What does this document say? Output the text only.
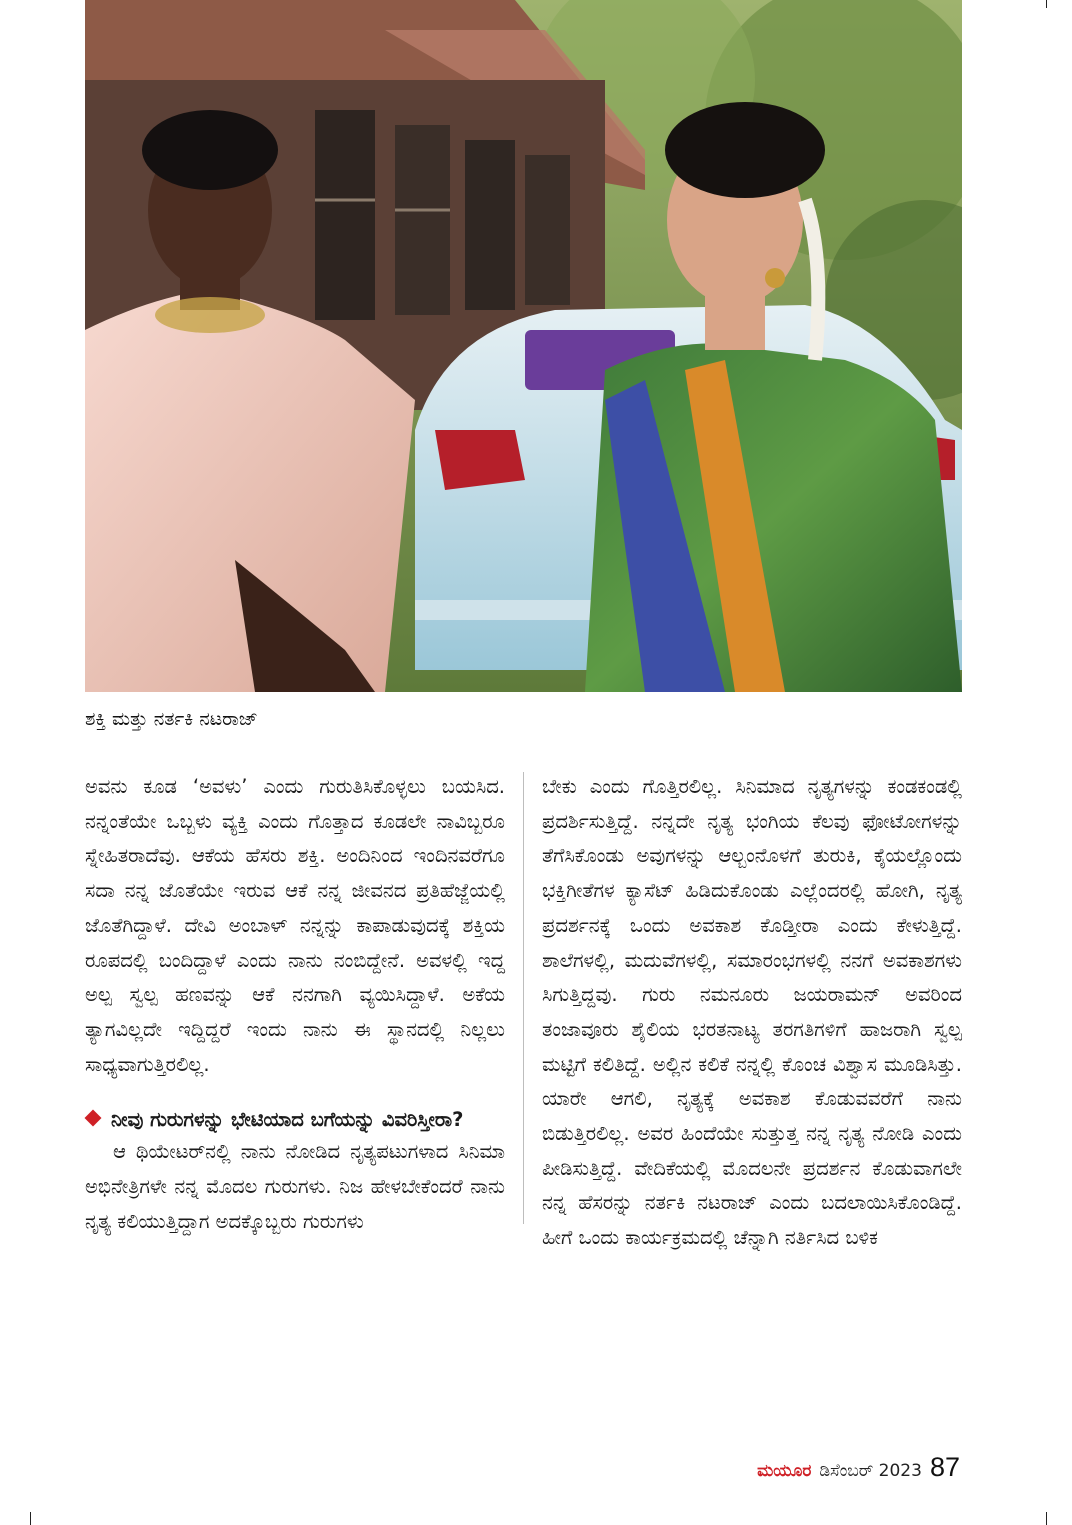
ಶಕ್ತಿ ಮತ್ತು ನರ್ತಕಿ ನಟರಾಜ್

ಅವನು ಕೂಡ ‘ಅವಳು’ ಎಂದು ಗುರುತಿಸಿಕೊಳ್ಳಲು ಬಯಸಿದ. ನನ್ನಂತೆಯೇ ಒಬ್ಬಳು ವ್ಯಕ್ತಿ ಎಂದು ಗೊತ್ತಾದ ಕೂಡಲೇ ನಾವಿಬ್ಬರೂ ಸ್ನೇಹಿತರಾದೆವು. ಆಕೆಯ ಹೆಸರು ಶಕ್ತಿ. ಅಂದಿನಿಂದ ಇಂದಿನವರೆಗೂ ಸದಾ ನನ್ನ ಜೊತೆಯೇ ಇರುವ ಆಕೆ ನನ್ನ ಜೀವನದ ಪ್ರತಿಹೆಜ್ಜೆಯಲ್ಲಿ ಜೊತೆಗಿದ್ದಾಳೆ. ದೇವಿ ಅಂಬಾಳ್ ನನ್ನನ್ನು ಕಾಪಾಡುವುದಕ್ಕೆ ಶಕ್ತಿಯ ರೂಪದಲ್ಲಿ ಬಂದಿದ್ದಾಳೆ ಎಂದು ನಾನು ನಂಬಿದ್ದೇನೆ. ಅವಳಲ್ಲಿ ಇದ್ದ ಅಲ್ಪ ಸ್ವಲ್ಪ ಹಣವನ್ನು ಆಕೆ ನನಗಾಗಿ ವ್ಯಯಿಸಿದ್ದಾಳೆ. ಅಕೆಯ ತ್ಯಾಗವಿಲ್ಲದೇ ಇದ್ದಿದ್ದರೆ ಇಂದು ನಾನು ಈ ಸ್ಥಾನದಲ್ಲಿ ನಿಲ್ಲಲು ಸಾಧ್ಯವಾಗುತ್ತಿರಲಿಲ್ಲ.

ನೀವು ಗುರುಗಳನ್ನು ಭೇಟಿಯಾದ ಬಗೆಯನ್ನು ವಿವರಿಸ್ತೀರಾ?

ಆ ಥಿಯೇಟರ್‌ನಲ್ಲಿ ನಾನು ನೋಡಿದ ನೃತ್ಯಪಟುಗಳಾದ ಸಿನಿಮಾ ಅಭಿನೇತ್ರಿಗಳೇ ನನ್ನ ಮೊದಲ ಗುರುಗಳು. ನಿಜ ಹೇಳಬೇಕೆಂದರೆ ನಾನು ನೃತ್ಯ ಕಲಿಯುತ್ತಿದ್ದಾಗ ಅದಕ್ಕೊಬ್ಬರು ಗುರುಗಳು

ಬೇಕು ಎಂದು ಗೊತ್ತಿರಲಿಲ್ಲ. ಸಿನಿಮಾದ ನೃತ್ಯಗಳನ್ನು ಕಂಡಕಂಡಲ್ಲಿ ಪ್ರದರ್ಶಿಸುತ್ತಿದ್ದೆ. ನನ್ನದೇ ನೃತ್ಯ ಭಂಗಿಯ ಕೆಲವು ಫೋಟೋಗಳನ್ನು ತೆಗೆಸಿಕೊಂಡು ಅವುಗಳನ್ನು ಆಲ್ಬಂನೊಳಗೆ ತುರುಕಿ, ಕೈಯಲ್ಲೊಂದು ಭಕ್ತಿಗೀತೆಗಳ ಕ್ಯಾಸೆಟ್ ಹಿಡಿದುಕೊಂಡು ಎಲ್ಲೆಂದರಲ್ಲಿ ಹೋಗಿ, ನೃತ್ಯ ಪ್ರದರ್ಶನಕ್ಕೆ ಒಂದು ಅವಕಾಶ ಕೊಡ್ತೀರಾ ಎಂದು ಕೇಳುತ್ತಿದ್ದೆ. ಶಾಲೆಗಳಲ್ಲಿ, ಮದುವೆಗಳಲ್ಲಿ, ಸಮಾರಂಭಗಳಲ್ಲಿ ನನಗೆ ಅವಕಾಶಗಳು ಸಿಗುತ್ತಿದ್ದವು. ಗುರು ನಮನೂರು ಜಯರಾಮನ್ ಅವರಿಂದ ತಂಜಾವೂರು ಶೈಲಿಯ ಭರತನಾಟ್ಯ ತರಗತಿಗಳಿಗೆ ಹಾಜರಾಗಿ ಸ್ವಲ್ಪ ಮಟ್ಟಿಗೆ ಕಲಿತಿದ್ದೆ. ಅಲ್ಲಿನ ಕಲಿಕೆ ನನ್ನಲ್ಲಿ ಕೊಂಚ ವಿಶ್ವಾಸ ಮೂಡಿಸಿತ್ತು. ಯಾರೇ ಆಗಲಿ, ನೃತ್ಯಕ್ಕೆ ಅವಕಾಶ ಕೊಡುವವರೆಗೆ ನಾನು ಬಿಡುತ್ತಿರಲಿಲ್ಲ. ಅವರ ಹಿಂದೆಯೇ ಸುತ್ತುತ್ತ ನನ್ನ ನೃತ್ಯ ನೋಡಿ ಎಂದು ಪೀಡಿಸುತ್ತಿದ್ದೆ. ವೇದಿಕೆಯಲ್ಲಿ ಮೊದಲನೇ ಪ್ರದರ್ಶನ ಕೊಡುವಾಗಲೇ ನನ್ನ ಹೆಸರನ್ನು ನರ್ತಕಿ ನಟರಾಜ್ ಎಂದು ಬದಲಾಯಿಸಿಕೊಂಡಿದ್ದೆ. ಹೀಗೆ ಒಂದು ಕಾರ್ಯಕ್ರಮದಲ್ಲಿ ಚೆನ್ನಾಗಿ ನರ್ತಿಸಿದ ಬಳಿಕ

ಮಯೂರ ಡಿಸೆಂಬರ್ 2023 87
